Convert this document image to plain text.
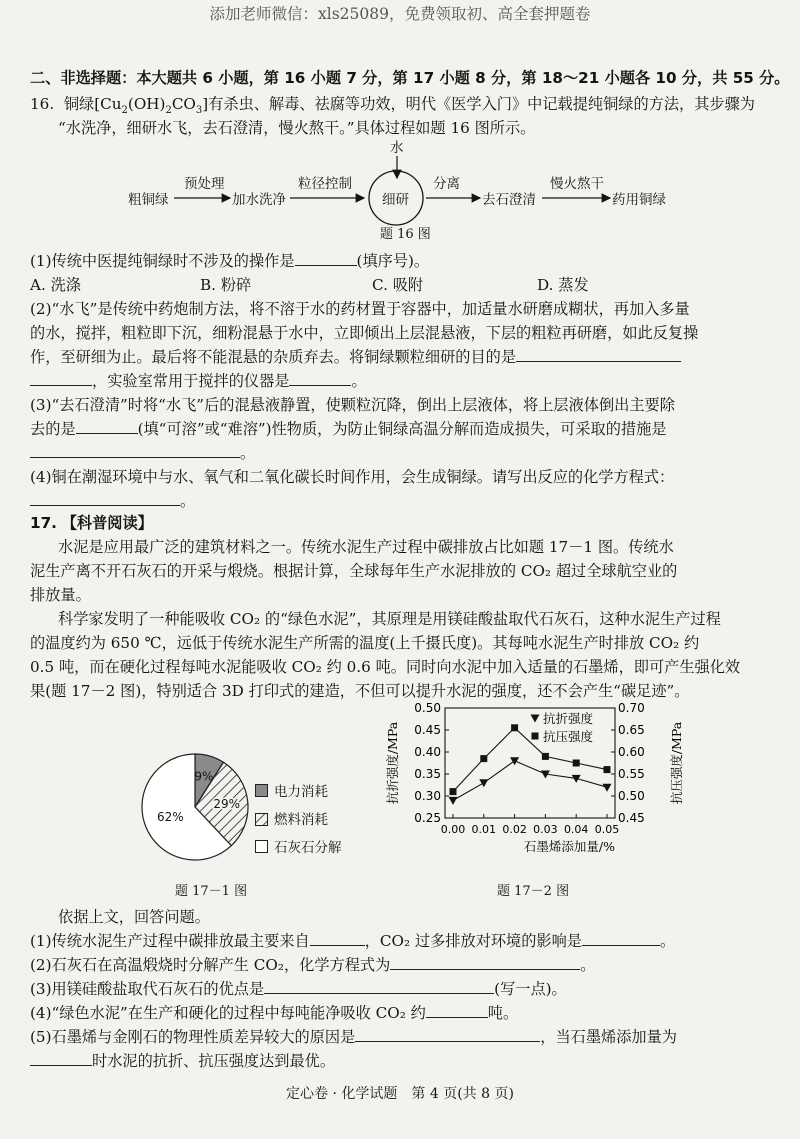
添加老师微信：xls25089，免费领取初、高全套押题卷
二、非选择题：本大题共 6 小题，第 16 小题 7 分，第 17 小题 8 分，第 18～21 小题各 10 分，共 55 分。
16. 铜绿$[Cu_2(OH)_2CO_3]$有杀虫、解毒、祛腐等功效，明代《医学入门》中记载提纯铜绿的方法，其步骤为
“水洗净，细研水飞，去石澄清，慢火熬干。”具体过程如题 16 图所示。
水
粗铜绿
预处理
加水洗净
粒径控制
细研
分离
去石澄清
慢火熬干
药用铜绿
题 16 图
(1)传统中医提纯铜绿时不涉及的操作是	(填序号)。
A. 洗涤	B. 粉碎	C. 吸附	D. 蒸发
(2)“水飞”是传统中药炮制方法，将不溶于水的药材置于容器中，加适量水研磨成糊状，再加入多量
的水，搅拌，粗粒即下沉，细粉混悬于水中，立即倾出上层混悬液，下层的粗粒再研磨，如此反复操
作，至研细为止。最后将不能混悬的杂质弃去。将铜绿颗粒细研的目的是
，实验室常用于搅拌的仪器是	。
(3)“去石澄清”时将“水飞”后的混悬液静置，使颗粒沉降，倒出上层液体，将上层液体倒出主要除
去的是	(填“可溶”或“难溶”)性物质，为防止铜绿高温分解而造成损失，可采取的措施是
。
(4)铜在潮湿环境中与水、氧气和二氧化碳长时间作用，会生成铜绿。请写出反应的化学方程式：
。
17. 【科普阅读】
水泥是应用最广泛的建筑材料之一。传统水泥生产过程中碳排放占比如题 17－1 图。传统水
泥生产离不开石灰石的开采与煅烧。根据计算，全球每年生产水泥排放的 CO₂ 超过全球航空业的
排放量。
科学家发明了一种能吸收 CO₂ 的“绿色水泥”，其原理是用镁硅酸盐取代石灰石，这种水泥生产过程
的温度约为 650 ℃，远低于传统水泥生产所需的温度(上千摄氏度)。其每吨水泥生产时排放 CO₂ 约
0.5 吨，而在硬化过程每吨水泥能吸收 CO₂ 约 0.6 吨。同时向水泥中加入适量的石墨烯，即可产生强化效
果(题 17－2 图)，特别适合 3D 打印式的建造，不但可以提升水泥的强度，还不会产生“碳足迹”。
9%
29%
62%
电力消耗
燃料消耗
石灰石分解
题 17－1 图
0.25
0.30
0.35
0.40
0.45
0.50
0.45
0.50
0.55
0.60
0.65
0.70
0.00 0.01 0.02 0.03 0.04 0.05
石墨烯添加量/%
抗折强度/MPa	抗压强度/MPa
抗折强度
抗压强度
题 17－2 图
依据上文，回答问题。
(1)传统水泥生产过程中碳排放最主要来自	，CO₂ 过多排放对环境的影响是	。
(2)石灰石在高温煅烧时分解产生 CO₂，化学方程式为	。
(3)用镁硅酸盐取代石灰石的优点是	(写一点)。
(4)“绿色水泥”在生产和硬化的过程中每吨能净吸收 CO₂ 约	吨。
(5)石墨烯与金刚石的物理性质差异较大的原因是	，当石墨烯添加量为
时水泥的抗折、抗压强度达到最优。
定心卷 · 化学试题　第 4 页(共 8 页)
